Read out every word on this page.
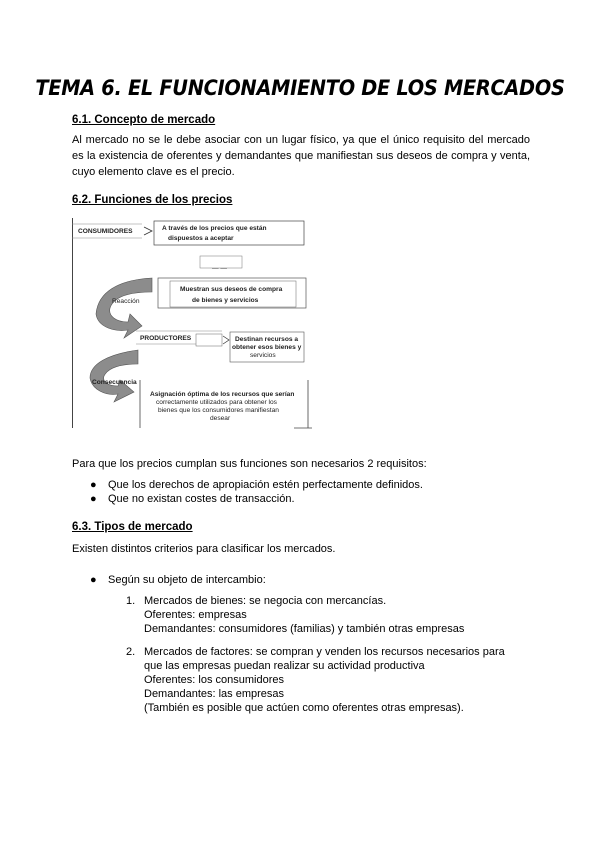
TEMA 6. EL FUNCIONAMIENTO DE LOS MERCADOS
6.1. Concepto de mercado

Al mercado no se le debe asociar con un lugar físico, ya que el único requisito del mercado es la existencia de oferentes y demandantes que manifiestan sus deseos de compra y venta, cuyo elemento clave es el precio.

6.2. Funciones de los precios
CONSUMIDORES	A través de los precios que están
dispuestos a aceptar
— —
Reacción
Muestran sus deseos de compra
de bienes y servicios
PRODUCTORES	Destinan recursos a
obtener esos bienes y
servicios
Consecuencia
Asignación óptima de los recursos que serían
correctamente utilizados para obtener los
bienes que los consumidores manifiestan
desear
Para que los precios cumplan sus funciones son necesarios 2 requisitos:
● Que los derechos de apropiación estén perfectamente definidos.
● Que no existan costes de transacción.
6.3. Tipos de mercado
Existen distintos criterios para clasificar los mercados.
● Según su objeto de intercambio:
1. Mercados de bienes: se negocia con mercancías.
Oferentes: empresas
Demandantes: consumidores (familias) y también otras empresas
2. Mercados de factores: se compran y venden los recursos necesarios para
que las empresas puedan realizar su actividad productiva
Oferentes: los consumidores
Demandantes: las empresas
(También es posible que actúen como oferentes otras empresas).
